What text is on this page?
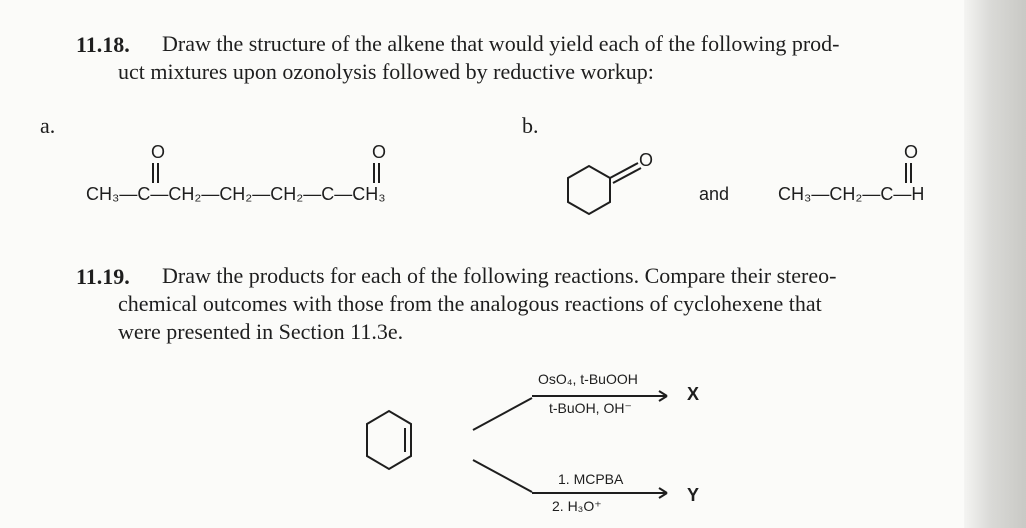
11.18. Draw the structure of the alkene that would yield each of the following prod-
uct mixtures upon ozonolysis followed by reductive workup:
a.	b.
O	O
CH₃—C—CH₂—CH₂—CH₂—C—CH₃
O
and
O
CH₃—CH₂—C—H
11.19. Draw the products for each of the following reactions. Compare their stereo-
chemical outcomes with those from the analogous reactions of cyclohexene that
were presented in Section 11.3e.
OsO₄, t-BuOOH
t-BuOH, OH⁻
X
1. MCPBA
2. H₃O⁺
Y
